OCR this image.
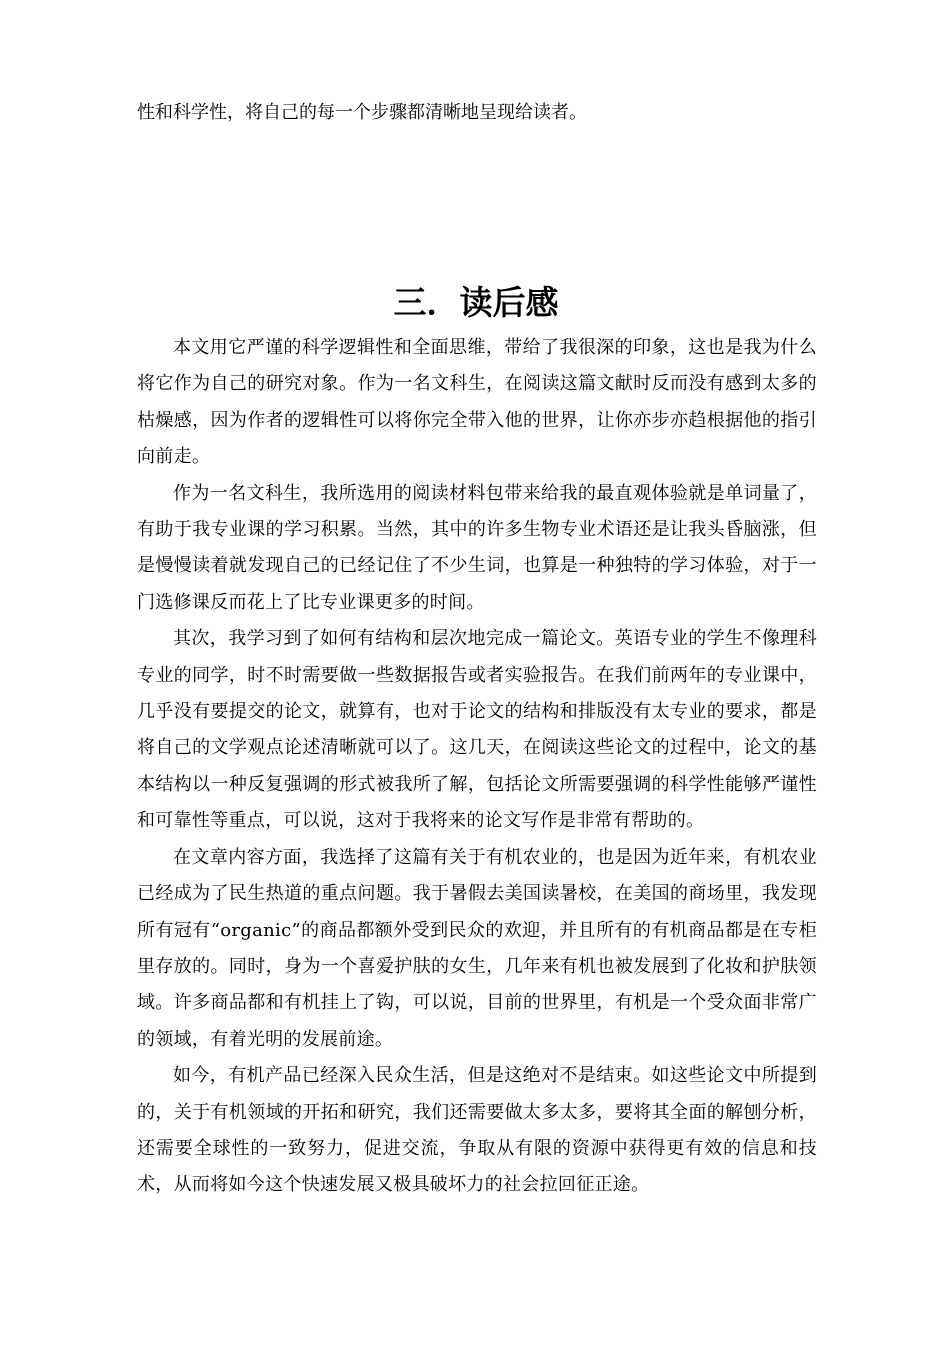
性和科学性，将自己的每一个步骤都清晰地呈现给读者。

三．读后感

本文用它严谨的科学逻辑性和全面思维，带给了我很深的印象，这也是我为什么将它作为自己的研究对象。作为一名文科生，在阅读这篇文献时反而没有感到太多的枯燥感，因为作者的逻辑性可以将你完全带入他的世界，让你亦步亦趋根据他的指引向前走。

作为一名文科生，我所选用的阅读材料包带来给我的最直观体验就是单词量了，有助于我专业课的学习积累。当然，其中的许多生物专业术语还是让我头昏脑涨，但是慢慢读着就发现自己的已经记住了不少生词，也算是一种独特的学习体验，对于一门选修课反而花上了比专业课更多的时间。

其次，我学习到了如何有结构和层次地完成一篇论文。英语专业的学生不像理科专业的同学，时不时需要做一些数据报告或者实验报告。在我们前两年的专业课中，几乎没有要提交的论文，就算有，也对于论文的结构和排版没有太专业的要求，都是将自己的文学观点论述清晰就可以了。这几天，在阅读这些论文的过程中，论文的基本结构以一种反复强调的形式被我所了解，包括论文所需要强调的科学性能够严谨性和可靠性等重点，可以说，这对于我将来的论文写作是非常有帮助的。

在文章内容方面，我选择了这篇有关于有机农业的，也是因为近年来，有机农业已经成为了民生热道的重点问题。我于暑假去美国读暑校，在美国的商场里，我发现所有冠有“organic”的商品都额外受到民众的欢迎，并且所有的有机商品都是在专柜里存放的。同时，身为一个喜爱护肤的女生，几年来有机也被发展到了化妆和护肤领域。许多商品都和有机挂上了钩，可以说，目前的世界里，有机是一个受众面非常广的领域，有着光明的发展前途。

如今，有机产品已经深入民众生活，但是这绝对不是结束。如这些论文中所提到的，关于有机领域的开拓和研究，我们还需要做太多太多，要将其全面的解刨分析，还需要全球性的一致努力，促进交流，争取从有限的资源中获得更有效的信息和技术，从而将如今这个快速发展又极具破坏力的社会拉回征正途。
